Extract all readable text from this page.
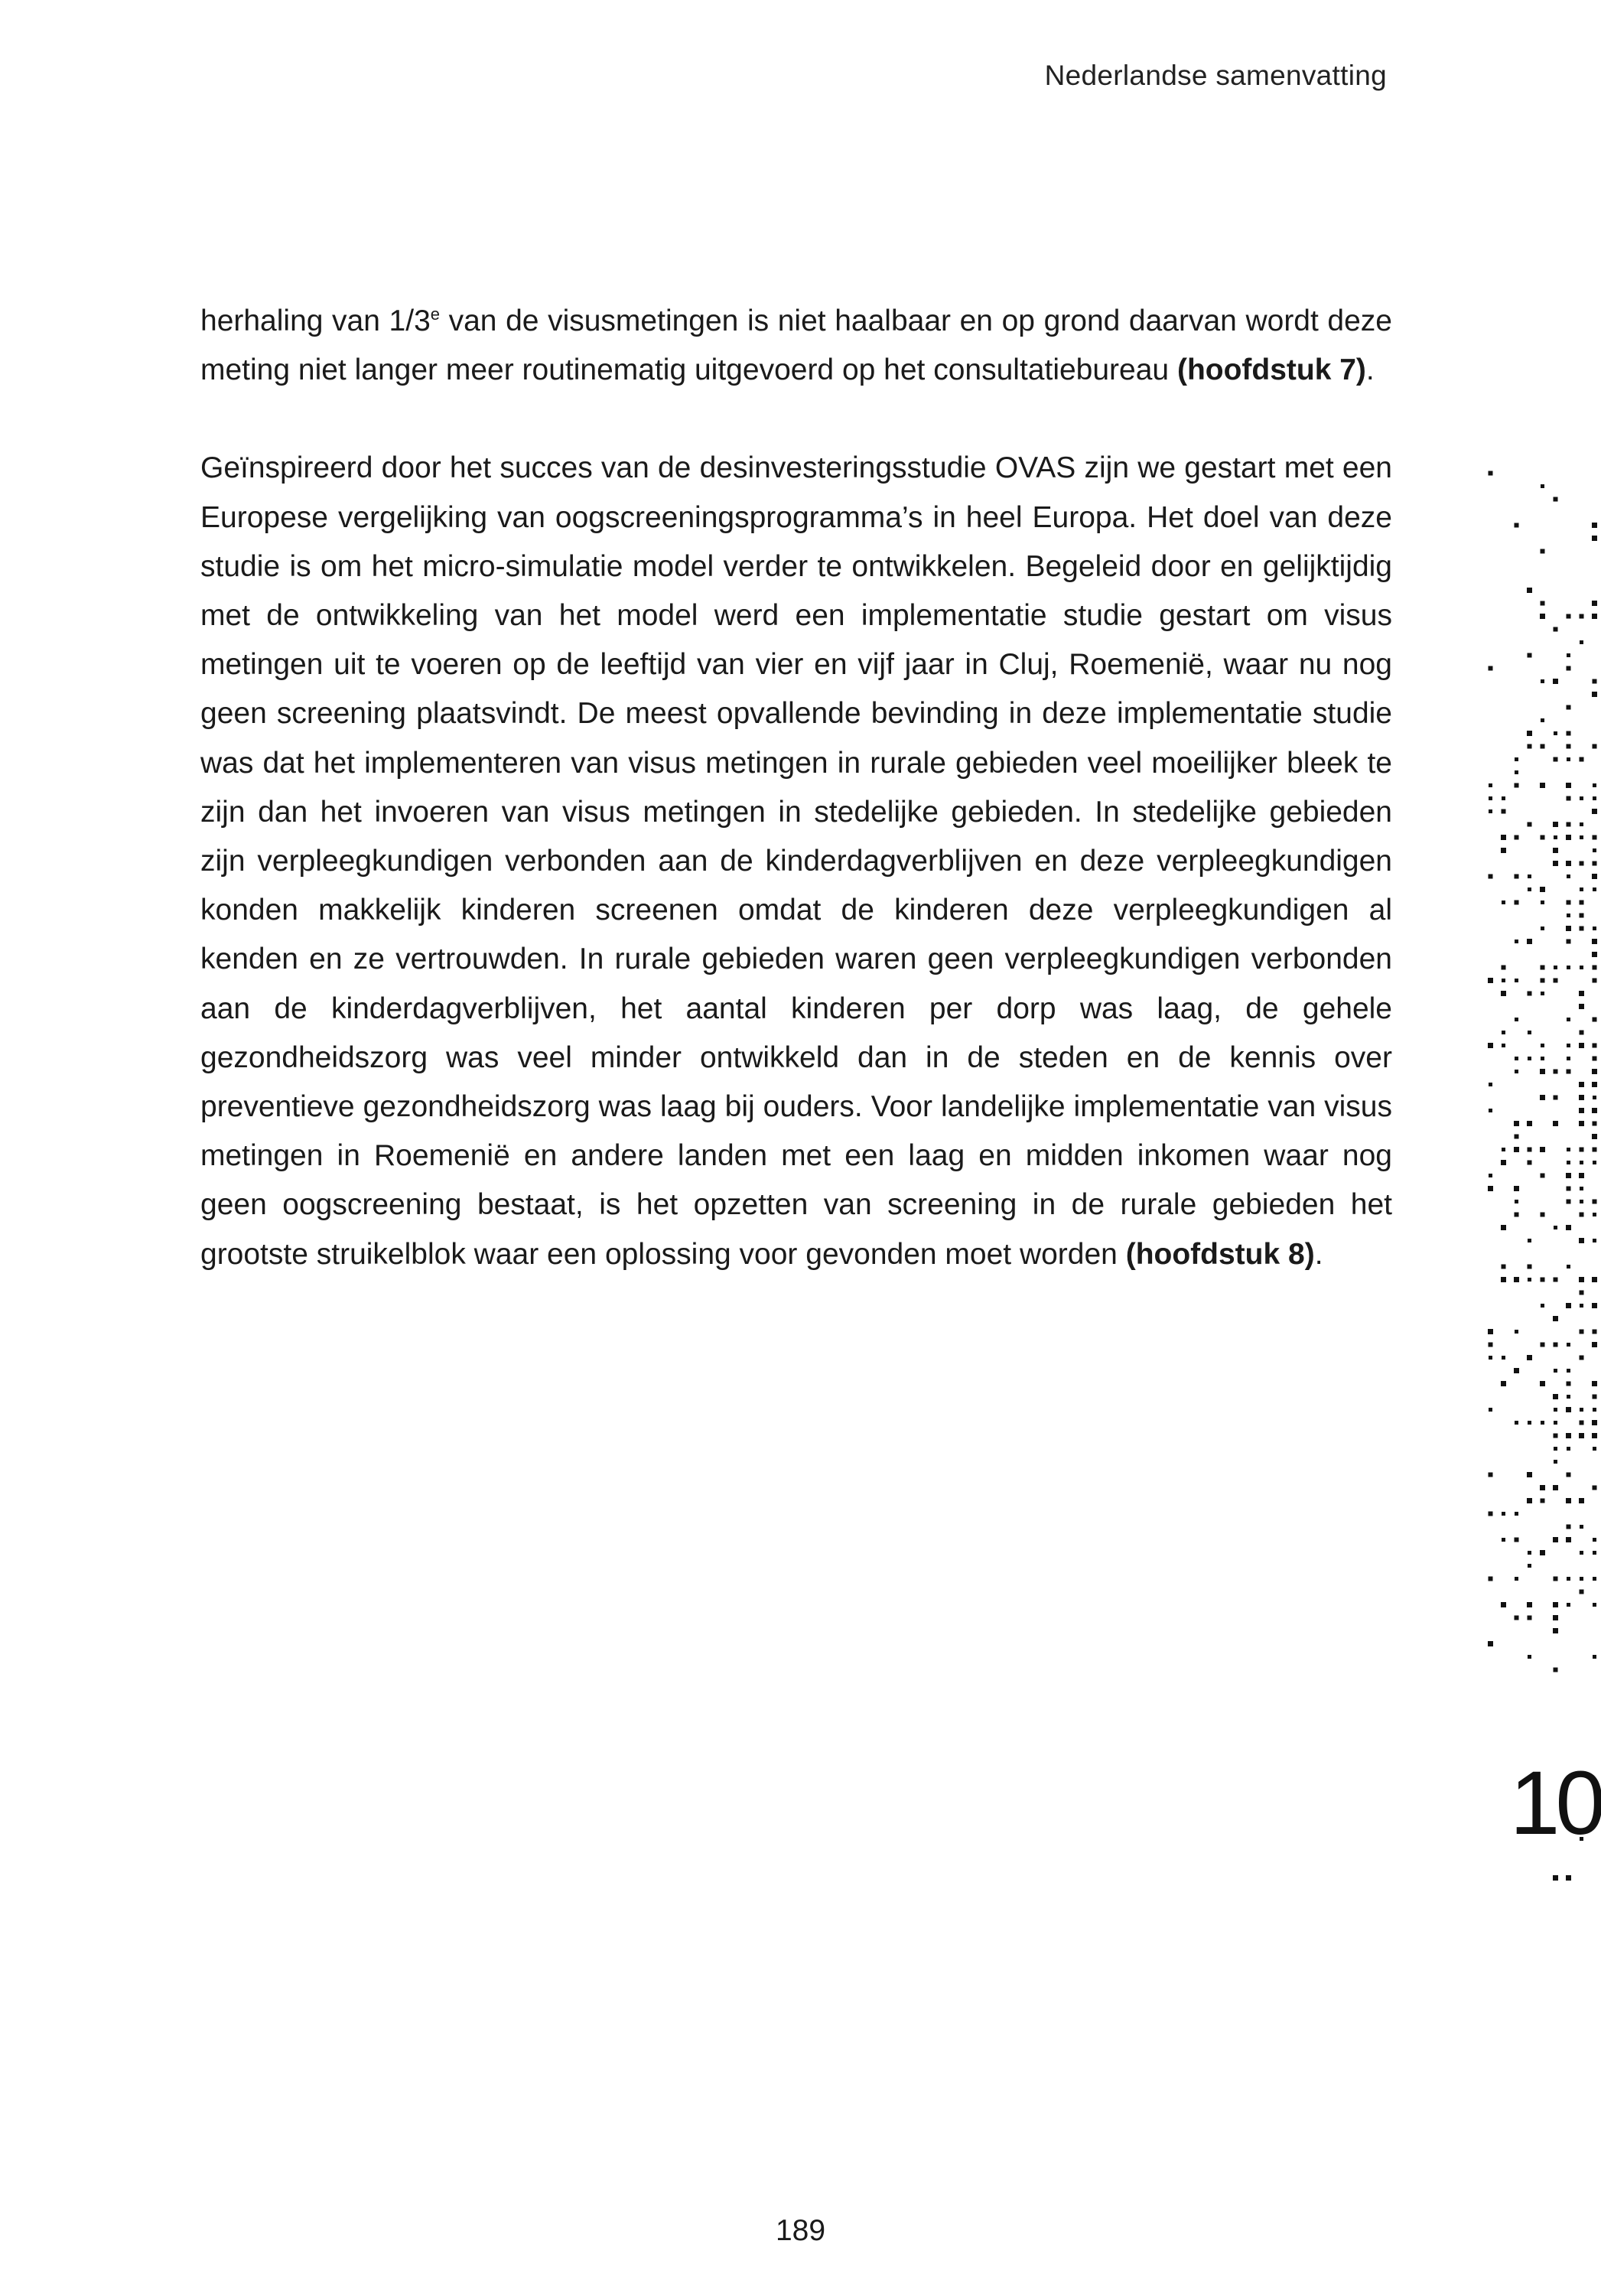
Nederlandse samenvatting

herhaling van 1/3e van de visusmetingen is niet haalbaar en op grond daarvan wordt deze meting niet langer meer routinematig uitgevoerd op het consultatiebureau (hoofdstuk 7).

Geïnspireerd door het succes van de desinvesteringsstudie OVAS zijn we gestart met een Europese vergelijking van oogscreeningsprogramma’s in heel Europa. Het doel van deze studie is om het micro-simulatie model verder te ontwikkelen. Begeleid door en gelijktijdig met de ontwikkeling van het model werd een implementatie studie gestart om visus metingen uit te voeren op de leeftijd van vier en vijf jaar in Cluj, Roemenië, waar nu nog geen screening plaatsvindt. De meest opvallende bevinding in deze implementatie studie was dat het implementeren van visus metingen in rurale gebieden veel moeilijker bleek te zijn dan het invoeren van visus metingen in stedelijke gebieden. In stedelijke gebieden zijn verpleegkundigen verbonden aan de kinderdagverblijven en deze verpleegkundigen konden makkelijk kinderen screenen omdat de kinderen deze verpleegkundigen al kenden en ze vertrouwden. In rurale gebieden waren geen verpleegkundigen verbonden aan de kinderdagverblijven, het aantal kinderen per dorp was laag, de gehele gezondheidszorg was veel minder ontwikkeld dan in de steden en de kennis over preventieve gezondheidszorg was laag bij ouders. Voor landelijke implementatie van visus metingen in Roemenië en andere landen met een laag en midden inkomen waar nog geen oogscreening bestaat, is het opzetten van screening in de rurale gebieden het grootste struikelblok waar een oplossing voor gevonden moet worden (hoofdstuk 8).

10
189
